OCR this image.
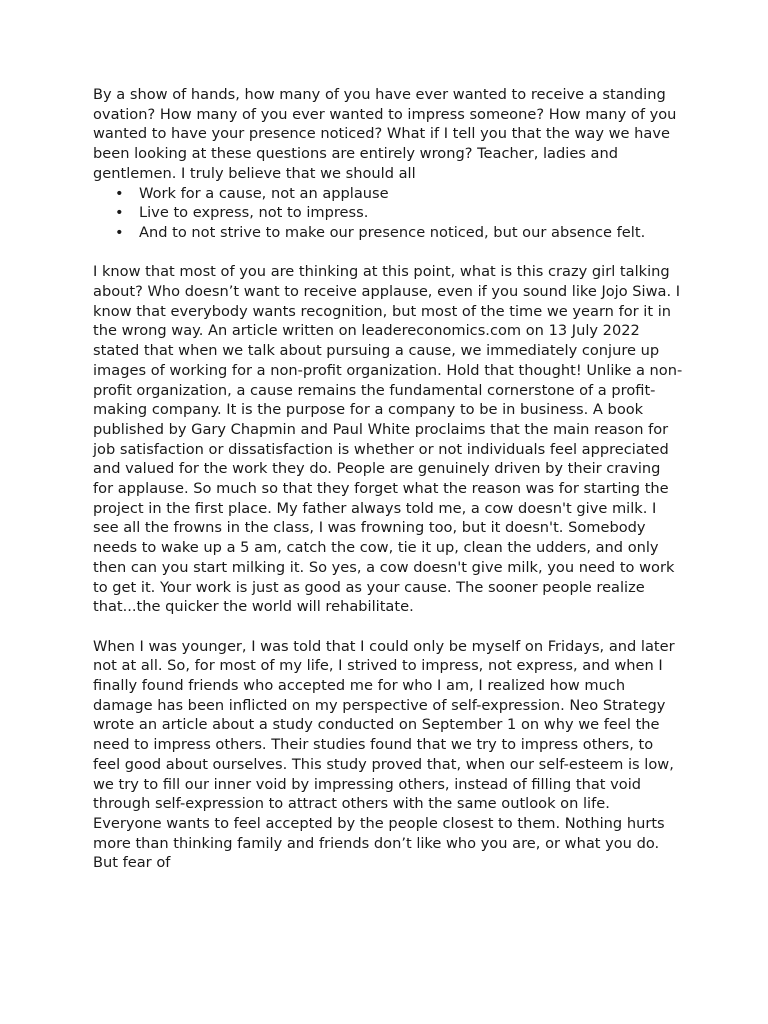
By a show of hands, how many of you have ever wanted to receive a standing ovation? How many of you ever wanted to impress someone? How many of you wanted to have your presence noticed? What if I tell you that the way we have been looking at these questions are entirely wrong? Teacher, ladies and gentlemen. I truly believe that we should all

• Work for a cause, not an applause
• Live to express, not to impress.
• And to not strive to make our presence noticed, but our absence felt.

I know that most of you are thinking at this point, what is this crazy girl talking about? Who doesn’t want to receive applause, even if you sound like Jojo Siwa. I know that everybody wants recognition, but most of the time we yearn for it in the wrong way. An article written on leadereconomics.com on 13 July 2022 stated that when we talk about pursuing a cause, we immediately conjure up images of working for a non-profit organization. Hold that thought! Unlike a non-profit organization, a cause remains the fundamental cornerstone of a profit-making company. It is the purpose for a company to be in business. A book published by Gary Chapmin and Paul White proclaims that the main reason for job satisfaction or dissatisfaction is whether or not individuals feel appreciated and valued for the work they do. People are genuinely driven by their craving for applause. So much so that they forget what the reason was for starting the project in the first place. My father always told me, a cow doesn't give milk. I see all the frowns in the class, I was frowning too, but it doesn't. Somebody needs to wake up a 5 am, catch the cow, tie it up, clean the udders, and only then can you start milking it. So yes, a cow doesn't give milk, you need to work to get it. Your work is just as good as your cause. The sooner people realize that...the quicker the world will rehabilitate.

When I was younger, I was told that I could only be myself on Fridays, and later not at all. So, for most of my life, I strived to impress, not express, and when I finally found friends who accepted me for who I am, I realized how much damage has been inflicted on my perspective of self-expression. Neo Strategy wrote an article about a study conducted on September 1 on why we feel the need to impress others. Their studies found that we try to impress others, to feel good about ourselves. This study proved that, when our self-esteem is low, we try to fill our inner void by impressing others, instead of filling that void through self-expression to attract others with the same outlook on life. Everyone wants to feel accepted by the people closest to them. Nothing hurts more than thinking family and friends don’t like who you are, or what you do. But fear of
